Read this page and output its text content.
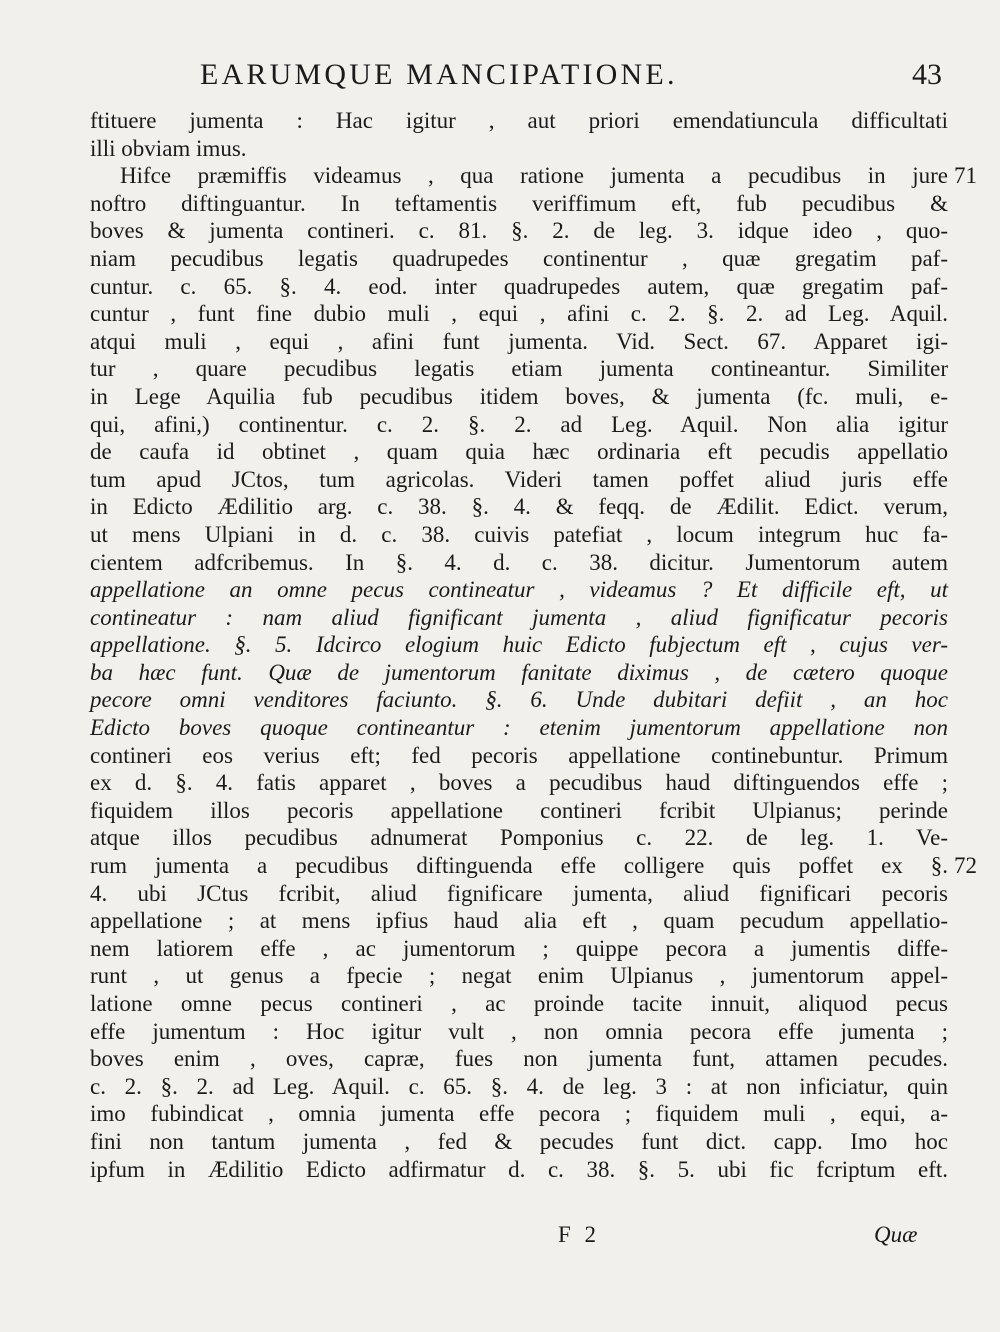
EARUMQUE MANCIPATIONE.	43
ftituere jumenta : Hac igitur , aut priori emendatiuncula difficultati
illi obviam imus.
Hifce præmiffis videamus , qua ratione jumenta a pecudibus in jure
noftro diftinguantur. In teftamentis veriffimum eft, fub pecudibus &
boves & jumenta contineri. c. 81. §. 2. de leg. 3. idque ideo , quo-
niam pecudibus legatis quadrupedes continentur , quæ gregatim paf-
cuntur. c. 65. §. 4. eod. inter quadrupedes autem, quæ gregatim paf-
cuntur , funt fine dubio muli , equi , afini c. 2. §. 2. ad Leg. Aquil.
atqui muli , equi , afini funt jumenta. Vid. Sect. 67. Apparet igi-
tur , quare pecudibus legatis etiam jumenta contineantur. Similiter
in Lege Aquilia fub pecudibus itidem boves, & jumenta (fc. muli, e-
qui, afini,) continentur. c. 2. §. 2. ad Leg. Aquil. Non alia igitur
de caufa id obtinet , quam quia hæc ordinaria eft pecudis appellatio
tum apud JCtos, tum agricolas. Videri tamen poffet aliud juris effe
in Edicto Ædilitio arg. c. 38. §. 4. & feqq. de Ædilit. Edict. verum,
ut mens Ulpiani in d. c. 38. cuivis patefiat , locum integrum huc fa-
cientem adfcribemus. In §. 4. d. c. 38. dicitur. Jumentorum autem
appellatione an omne pecus contineatur , videamus ? Et difficile eft, ut
contineatur : nam aliud fignificant jumenta , aliud fignificatur pecoris
appellatione. §. 5. Idcirco elogium huic Edicto fubjectum eft , cujus ver-
ba hæc funt. Quæ de jumentorum fanitate diximus , de cætero quoque
pecore omni venditores faciunto. §. 6. Unde dubitari defiit , an hoc
Edicto boves quoque contineantur : etenim jumentorum appellatione non
contineri eos verius eft; fed pecoris appellatione continebuntur. Primum
ex d. §. 4. fatis apparet , boves a pecudibus haud diftinguendos effe ;
fiquidem illos pecoris appellatione contineri fcribit Ulpianus; perinde
atque illos pecudibus adnumerat Pomponius c. 22. de leg. 1. Ve-
rum jumenta a pecudibus diftinguenda effe colligere quis poffet ex §.
4. ubi JCtus fcribit, aliud fignificare jumenta, aliud fignificari pecoris
appellatione ; at mens ipfius haud alia eft , quam pecudum appellatio-
nem latiorem effe , ac jumentorum ; quippe pecora a jumentis diffe-
runt , ut genus a fpecie ; negat enim Ulpianus , jumentorum appel-
latione omne pecus contineri , ac proinde tacite innuit, aliquod pecus
effe jumentum : Hoc igitur vult , non omnia pecora effe jumenta ;
boves enim , oves, capræ, fues non jumenta funt, attamen pecudes.
c. 2. §. 2. ad Leg. Aquil. c. 65. §. 4. de leg. 3 : at non inficiatur, quin
imo fubindicat , omnia jumenta effe pecora ; fiquidem muli , equi, a-
fini non tantum jumenta , fed & pecudes funt dict. capp. Imo hoc
ipfum in Ædilitio Edicto adfirmatur d. c. 38. §. 5. ubi fic fcriptum eft.
71
72
F 2	Quæ
